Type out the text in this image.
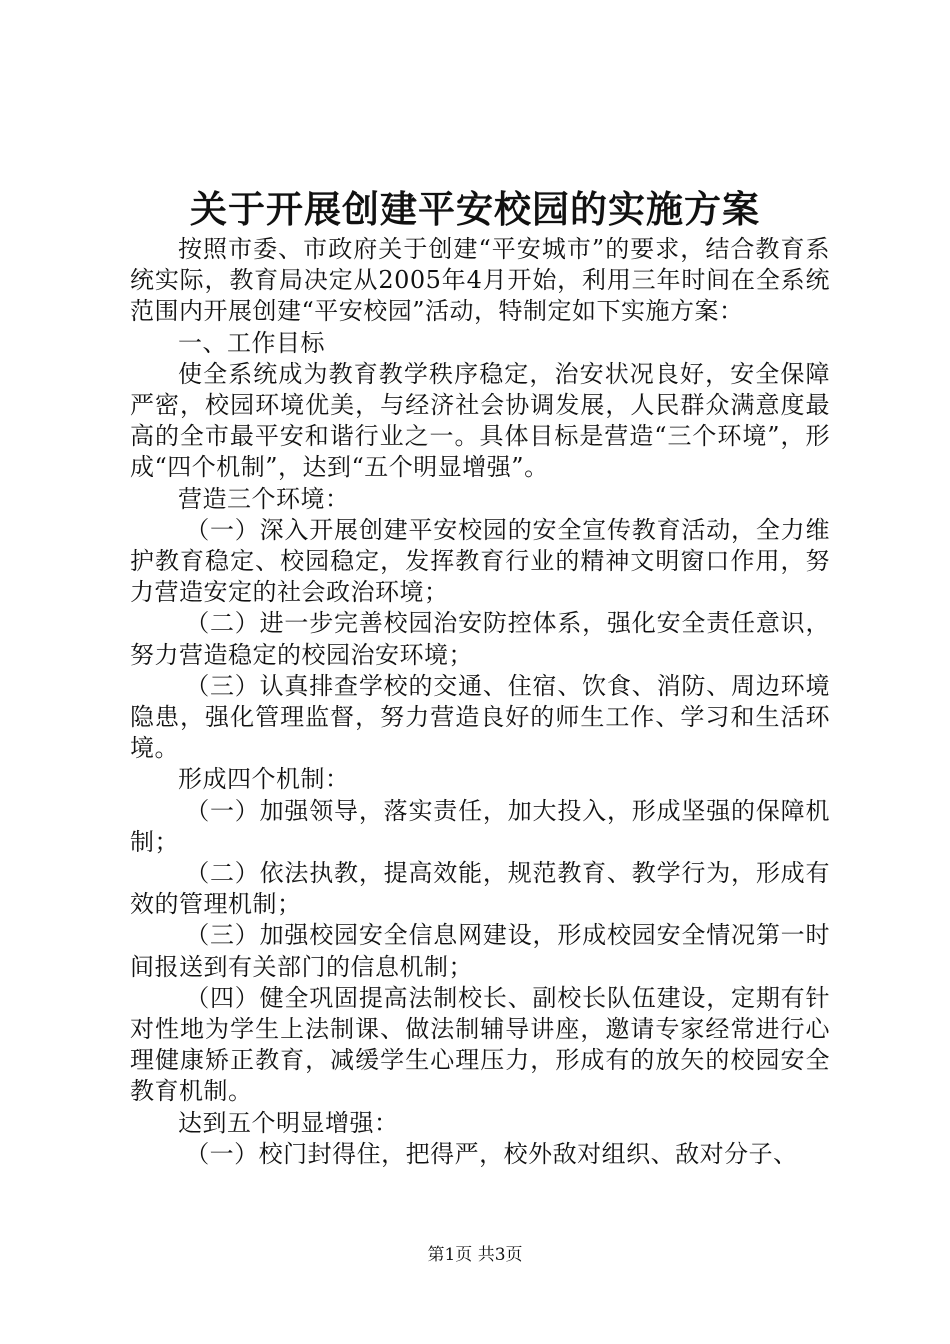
关于开展创建平安校园的实施方案

按照市委、市政府关于创建“平安城市”的要求，结合教育系统实际，教育局决定从2005年4月开始，利用三年时间在全系统范围内开展创建“平安校园”活动，特制定如下实施方案：

一、工作目标

使全系统成为教育教学秩序稳定，治安状况良好，安全保障严密，校园环境优美，与经济社会协调发展，人民群众满意度最高的全市最平安和谐行业之一。具体目标是营造“三个环境”，形成“四个机制”，达到“五个明显增强”。

营造三个环境：

（一）深入开展创建平安校园的安全宣传教育活动，全力维护教育稳定、校园稳定，发挥教育行业的精神文明窗口作用，努力营造安定的社会政治环境；

（二）进一步完善校园治安防控体系，强化安全责任意识，努力营造稳定的校园治安环境；

（三）认真排查学校的交通、住宿、饮食、消防、周边环境隐患，强化管理监督，努力营造良好的师生工作、学习和生活环境。

形成四个机制：

（一）加强领导，落实责任，加大投入，形成坚强的保障机制；

（二）依法执教，提高效能，规范教育、教学行为，形成有效的管理机制；

（三）加强校园安全信息网建设，形成校园安全情况第一时间报送到有关部门的信息机制；

（四）健全巩固提高法制校长、副校长队伍建设，定期有针对性地为学生上法制课、做法制辅导讲座，邀请专家经常进行心理健康矫正教育，减缓学生心理压力，形成有的放矢的校园安全教育机制。

达到五个明显增强：

（一）校门封得住，把得严，校外敌对组织、敌对分子、

第1页 共3页
